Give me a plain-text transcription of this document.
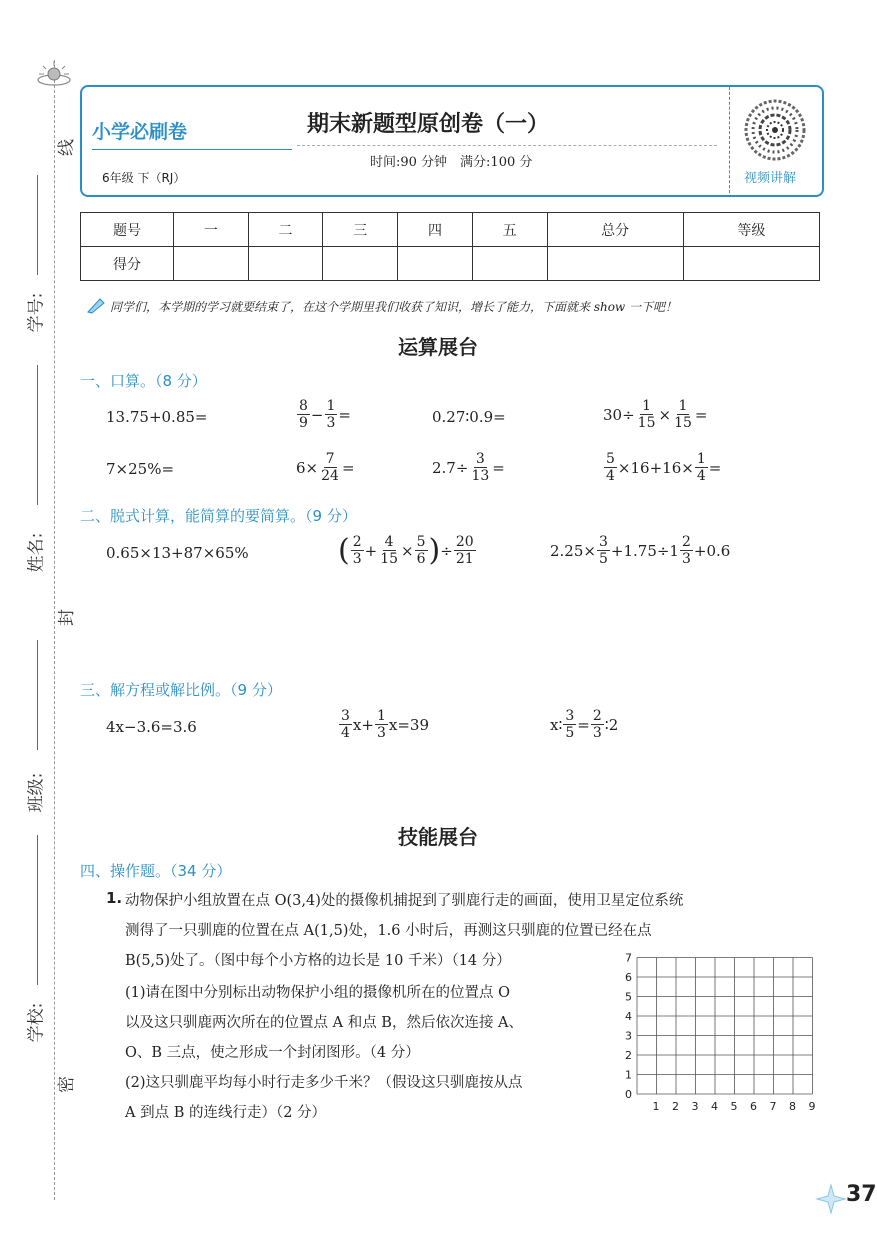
线
学号:
姓名:
封
班级:
学校:
密
小学必刷卷
6年级 下（RJ）
期末新题型原创卷（一）
时间:90 分钟　满分:100 分
视频讲解
题号	一	二	三	四	五	总分	等级
得分							
同学们，本学期的学习就要结束了，在这个学期里我们收获了知识，增长了能力，下面就来 show 一下吧！
运算展台
一、口算。（8 分）
13.75+0.85=	$\frac{8}{9} - \frac{1}{3}$ =	0.27∶0.9=	$30\div \frac{1}{15} \times \frac{1}{15}$ =
7×25%=	$6\times \frac{7}{24}$ =	$2.7\div \frac{3}{13}$ =	$\frac{5}{4} \times 16+16\times \frac{1}{4}$ =
二、脱式计算，能简算的要简算。（9 分）
0.65×13+87×65%	( $\frac{2}{3} + \frac{4}{15} \times \frac{5}{6}$ ) ÷ $\frac{20}{21}$	$2.25\times \frac{3}{5} +1.75\div 1 \frac{2}{3} +0.6$
三、解方程或解比例。（9 分）
4x−3.6=3.6	$\frac{3}{4} x+ \frac{1}{3} x=39$	x∶ $\frac{3}{5} = \frac{2}{3}$ ∶2
技能展台
四、操作题。（34 分）
1. 动物保护小组放置在点 O(3,4)处的摄像机捕捉到了驯鹿行走的画面，使用卫星定位系统
测得了一只驯鹿的位置在点 A(1,5)处，1.6 小时后，再测这只驯鹿的位置已经在点
B(5,5)处了。（图中每个小方格的边长是 10 千米）（14 分）
(1)请在图中分别标出动物保护小组的摄像机所在的位置点 O
以及这只驯鹿两次所在的位置点 A 和点 B，然后依次连接 A、
O、B 三点，使之形成一个封闭图形。（4 分）
(2)这只驯鹿平均每小时行走多少千米？（假设这只驯鹿按从点
A 到点 B 的连线行走）（2 分）
0
1
2
3
4
5
6
7
1 2 3 4 5 6 7 8 9
37
